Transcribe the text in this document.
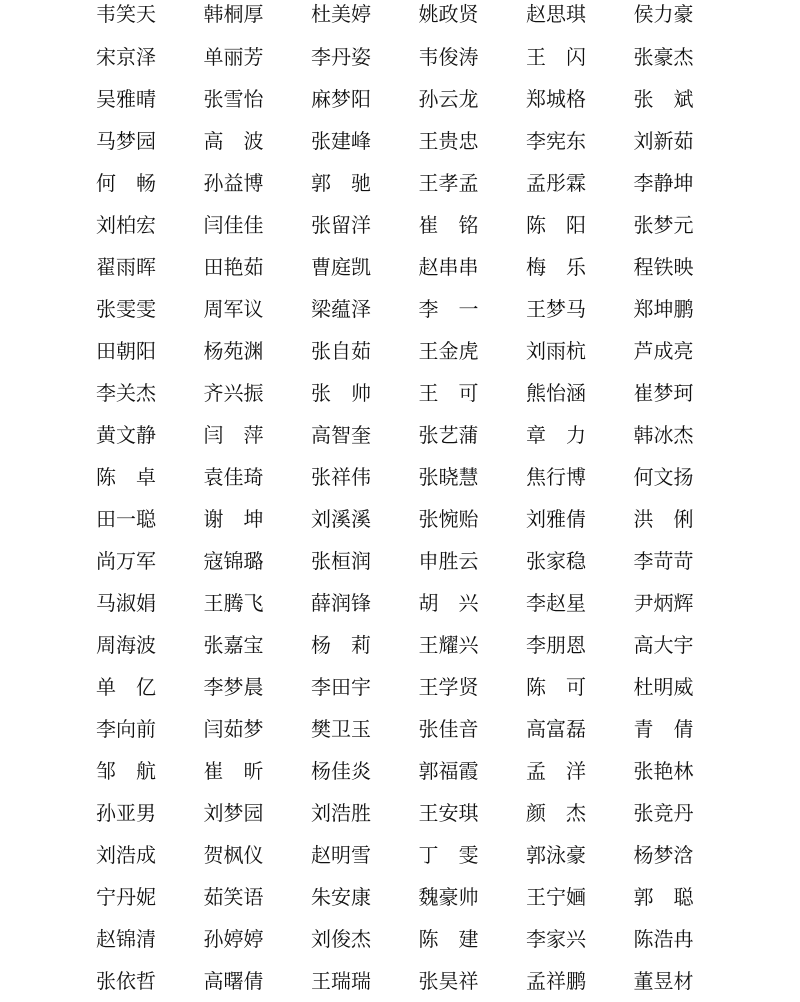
韦笑天	韩桐厚	杜美婷	姚政贤	赵思琪	侯力豪
宋京泽	单丽芳	李丹姿	韦俊涛	王　闪	张豪杰
吴雅晴	张雪怡	麻梦阳	孙云龙	郑城格	张　斌
马梦园	高　波	张建峰	王贵忠	李宪东	刘新茹
何　畅	孙益博	郭　驰	王孝孟	孟彤霖	李静坤
刘柏宏	闫佳佳	张留洋	崔　铭	陈　阳	张梦元
翟雨晖	田艳茹	曹庭凯	赵串串	梅　乐	程铁映
张雯雯	周军议	梁蕴泽	李　一	王梦马	郑坤鹏
田朝阳	杨苑渊	张自茹	王金虎	刘雨杭	芦成亮
李关杰	齐兴振	张　帅	王　可	熊怡涵	崔梦珂
黄文静	闫　萍	高智奎	张艺蒲	章　力	韩冰杰
陈　卓	袁佳琦	张祥伟	张晓慧	焦行博	何文扬
田一聪	谢　坤	刘溪溪	张惋贻	刘雅倩	洪　俐
尚万军	寇锦璐	张桓润	申胜云	张家稳	李苛苛
马淑娟	王腾飞	薛润锋	胡　兴	李赵星	尹炳辉
周海波	张嘉宝	杨　莉	王耀兴	李朋恩	高大宇
单　亿	李梦晨	李田宇	王学贤	陈　可	杜明威
李向前	闫茹梦	樊卫玉	张佳音	高富磊	青　倩
邹　航	崔　昕	杨佳炎	郭福霞	孟　洋	张艳林
孙亚男	刘梦园	刘浩胜	王安琪	颜　杰	张竞丹
刘浩成	贺枫仪	赵明雪	丁　雯	郭泳豪	杨梦浛
宁丹妮	茹笑语	朱安康	魏豪帅	王宁婳	郭　聪
赵锦清	孙婷婷	刘俊杰	陈　建	李家兴	陈浩冉
张依哲	高曙倩	王瑞瑞	张昊祥	孟祥鹏	董昱材
